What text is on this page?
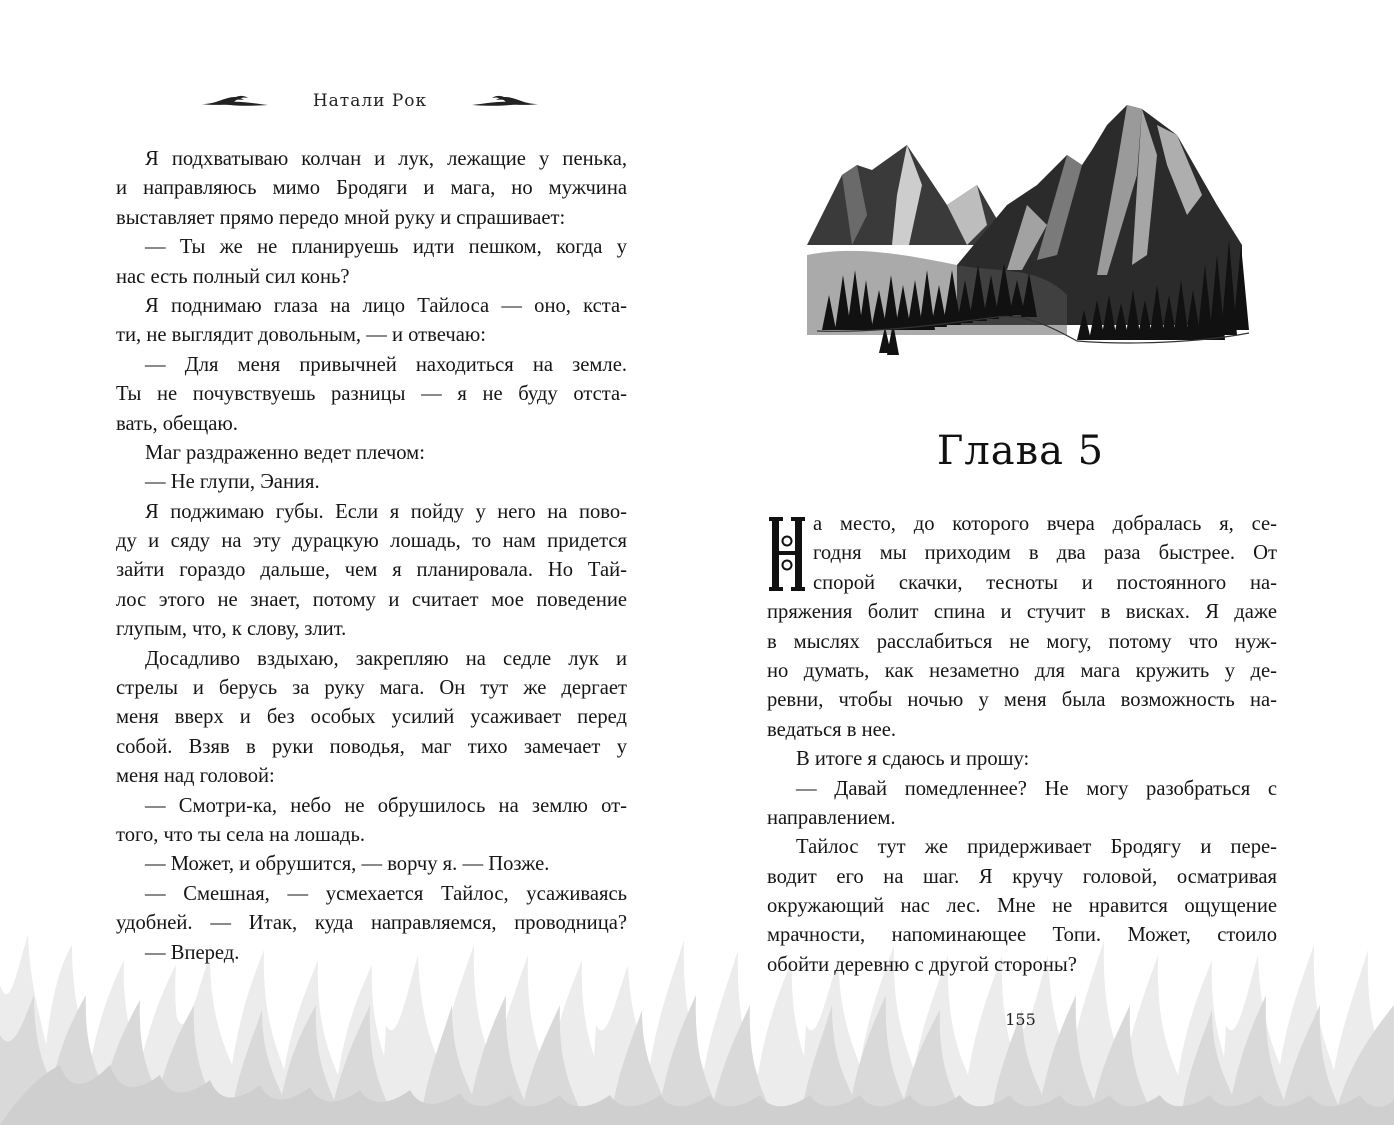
Натали Рок
Я подхватываю колчан и лук, лежащие у пенька,
и направляюсь мимо Бродяги и мага, но мужчина
выставляет прямо передо мной руку и спрашивает:
— Ты же не планируешь идти пешком, когда у
нас есть полный сил конь?
Я поднимаю глаза на лицо Тайлоса — оно, кста-
ти, не выглядит довольным, — и отвечаю:
— Для меня привычней находиться на земле.
Ты не почувствуешь разницы — я не буду отста-
вать, обещаю.
Маг раздраженно ведет плечом:
— Не глупи, Эания.
Я поджимаю губы. Если я пойду у него на пово-
ду и сяду на эту дурацкую лошадь, то нам придется
зайти гораздо дальше, чем я планировала. Но Тай-
лос этого не знает, потому и считает мое поведение
глупым, что, к слову, злит.
Досадливо вздыхаю, закрепляю на седле лук и
стрелы и берусь за руку мага. Он тут же дергает
меня вверх и без особых усилий усаживает перед
собой. Взяв в руки поводья, маг тихо замечает у
меня над головой:
— Смотри-ка, небо не обрушилось на землю от-
того, что ты села на лошадь.
— Может, и обрушится, — ворчу я. — Позже.
— Смешная, — усмехается Тайлос, усаживаясь
удобней. — Итак, куда направляемся, проводница?
— Вперед.
Глава 5
а место, до которого вчера добралась я, се-
годня мы приходим в два раза быстрее. От
спорой скачки, тесноты и постоянного на-
пряжения болит спина и стучит в висках. Я даже
в мыслях расслабиться не могу, потому что нуж-
но думать, как незаметно для мага кружить у де-
ревни, чтобы ночью у меня была возможность на-
ведаться в нее.
В итоге я сдаюсь и прошу:
— Давай помедленнее? Не могу разобраться с
направлением.
Тайлос тут же придерживает Бродягу и пере-
водит его на шаг. Я кручу головой, осматривая
окружающий нас лес. Мне не нравится ощущение
мрачности, напоминающее Топи. Может, стоило
обойти деревню с другой стороны?
155
